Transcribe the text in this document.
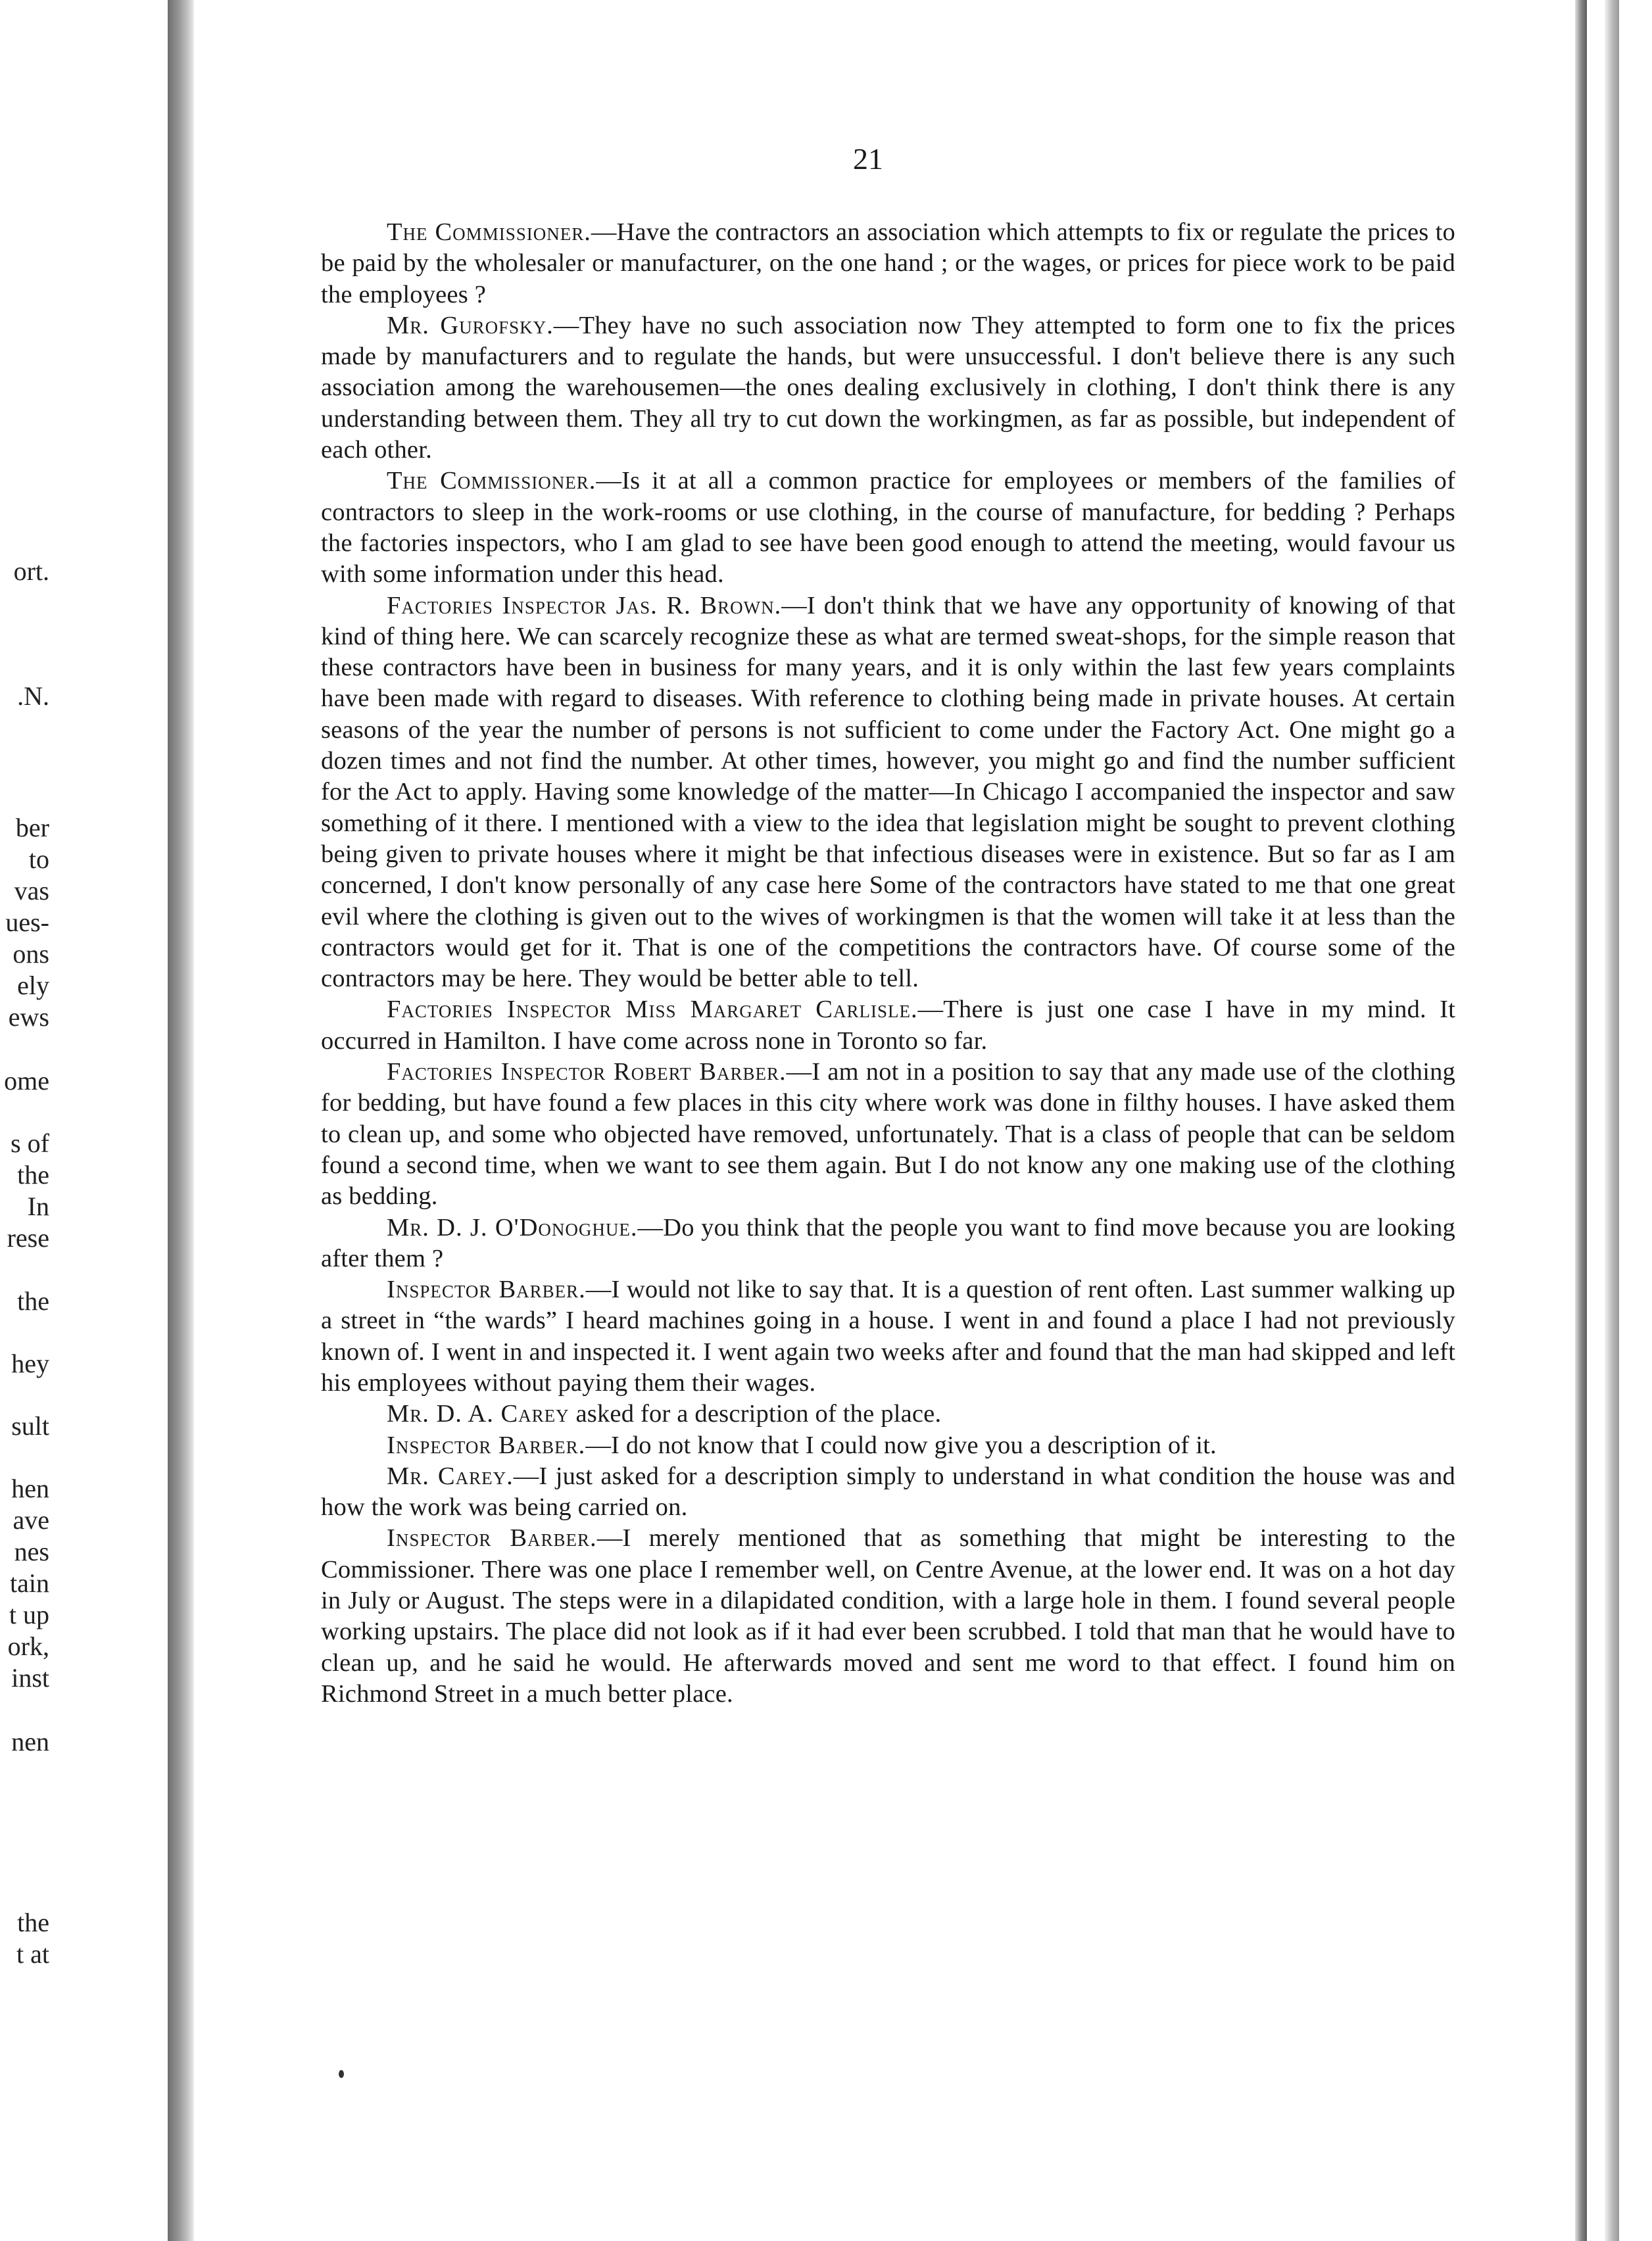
ort.
.N.
ber
to
vas
ues-
ons
ely
ews
ome
s of
the
In
rese
the
hey
sult
hen
ave
nes
tain
t up
ork,
inst
nen
the
t at
21

The Commissioner.—Have the contractors an association which attempts to fix or regulate the prices to be paid by the wholesaler or manufacturer, on the one hand ; or the wages, or prices for piece work to be paid the employees ?

Mr. Gurofsky.—They have no such association now They attempted to form one to fix the prices made by manufacturers and to regulate the hands, but were unsuccessful. I don't believe there is any such association among the warehousemen—the ones dealing exclusively in clothing, I don't think there is any understanding between them. They all try to cut down the workingmen, as far as possible, but independent of each other.

The Commissioner.—Is it at all a common practice for employees or members of the families of contractors to sleep in the work-rooms or use clothing, in the course of manufacture, for bedding ? Perhaps the factories inspectors, who I am glad to see have been good enough to attend the meeting, would favour us with some information under this head.

Factories Inspector Jas. R. Brown.—I don't think that we have any opportunity of knowing of that kind of thing here. We can scarcely recognize these as what are termed sweat-shops, for the simple reason that these contractors have been in business for many years, and it is only within the last few years complaints have been made with regard to diseases. With reference to clothing being made in private houses. At certain seasons of the year the number of persons is not sufficient to come under the Factory Act. One might go a dozen times and not find the number. At other times, however, you might go and find the number sufficient for the Act to apply. Having some knowledge of the matter—In Chicago I accompanied the inspector and saw something of it there. I mentioned with a view to the idea that legislation might be sought to prevent clothing being given to private houses where it might be that infectious diseases were in existence. But so far as I am concerned, I don't know personally of any case here Some of the contractors have stated to me that one great evil where the clothing is given out to the wives of workingmen is that the women will take it at less than the contractors would get for it. That is one of the competitions the contractors have. Of course some of the contractors may be here. They would be better able to tell.

Factories Inspector Miss Margaret Carlisle.—There is just one case I have in my mind. It occurred in Hamilton. I have come across none in Toronto so far.

Factories Inspector Robert Barber.—I am not in a position to say that any made use of the clothing for bedding, but have found a few places in this city where work was done in filthy houses. I have asked them to clean up, and some who objected have removed, unfortunately. That is a class of people that can be seldom found a second time, when we want to see them again. But I do not know any one making use of the clothing as bedding.

Mr. D. J. O'Donoghue.—Do you think that the people you want to find move because you are looking after them ?

Inspector Barber.—I would not like to say that. It is a question of rent often. Last summer walking up a street in “the wards” I heard machines going in a house. I went in and found a place I had not previously known of. I went in and inspected it. I went again two weeks after and found that the man had skipped and left his employees without paying them their wages.

Mr. D. A. Carey asked for a description of the place.

Inspector Barber.—I do not know that I could now give you a description of it.

Mr. Carey.—I just asked for a description simply to understand in what condition the house was and how the work was being carried on.

Inspector Barber.—I merely mentioned that as something that might be interesting to the Commissioner. There was one place I remember well, on Centre Avenue, at the lower end. It was on a hot day in July or August. The steps were in a dilapidated condition, with a large hole in them. I found several people working upstairs. The place did not look as if it had ever been scrubbed. I told that man that he would have to clean up, and he said he would. He afterwards moved and sent me word to that effect. I found him on Richmond Street in a much better place.
